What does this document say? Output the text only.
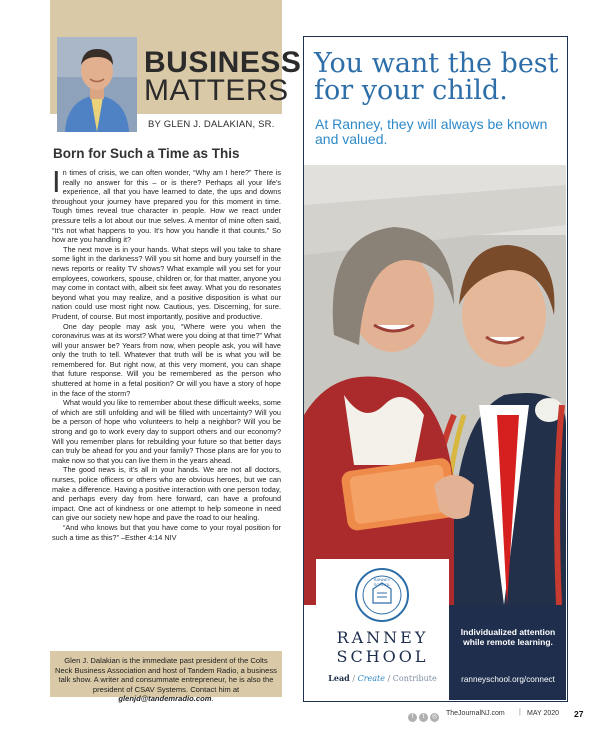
BUSINESS
MATTERS
BY GLEN J. DALAKIAN, SR.
Born for Such a Time as This

In times of crisis, we can often wonder, “Why am I here?” There is really no answer for this – or is there? Perhaps all your life's experience, all that you have learned to date, the ups and downs throughout your journey have prepared you for this moment in time. Tough times reveal true character in people. How we react under pressure tells a lot about our true selves. A mentor of mine often said, “It's not what happens to you. It's how you handle it that counts.” So how are you handling it?

The next move is in your hands. What steps will you take to share some light in the darkness? Will you sit home and bury yourself in the news reports or reality TV shows? What example will you set for your employees, coworkers, spouse, children or, for that matter, anyone you may come in contact with, albeit six feet away. What you do resonates beyond what you may realize, and a positive disposition is what our nation could use most right now. Cautious, yes. Discerning, for sure. Prudent, of course. But most importantly, positive and productive.

One day people may ask you, “Where were you when the coronavirus was at its worst? What were you doing at that time?” What will your answer be? Years from now, when people ask, you will have only the truth to tell. Whatever that truth will be is what you will be remembered for. But right now, at this very moment, you can shape that future response. Will you be remembered as the person who shuttered at home in a fetal position? Or will you have a story of hope in the face of the storm?

What would you like to remember about these difficult weeks, some of which are still unfolding and will be filled with uncertainty? Will you be a person of hope who volunteers to help a neighbor? Will you be strong and go to work every day to support others and our economy? Will you remember plans for rebuilding your future so that better days can truly be ahead for you and your family? Those plans are for you to make now so that you can live them in the years ahead.

The good news is, it's all in your hands. We are not all doctors, nurses, police officers or others who are obvious heroes, but we can make a difference. Having a positive interaction with one person today, and perhaps every day from here forward, can have a profound impact. One act of kindness or one attempt to help someone in need can give our society new hope and pave the road to our healing.

“And who knows but that you have come to your royal position for such a time as this?” –Esther 4:14 NIV

Glen J. Dalakian is the immediate past president of the Colts Neck Business Association and host of Tandem Radio, a business talk show. A writer and consummate entrepreneur, he is also the president of CSAV Systems. Contact him at glenjd@tandemradio.com.
You want the best for your child.
At Ranney, they will always be known and valued.
RANNEY SCHOOL
RANNEY
SCHOOL
Lead / Create / Contribute
Individualized attention while remote learning.
ranneyschool.org/connect
f t ◎
TheJournalNJ.com | MAY 2020 27
